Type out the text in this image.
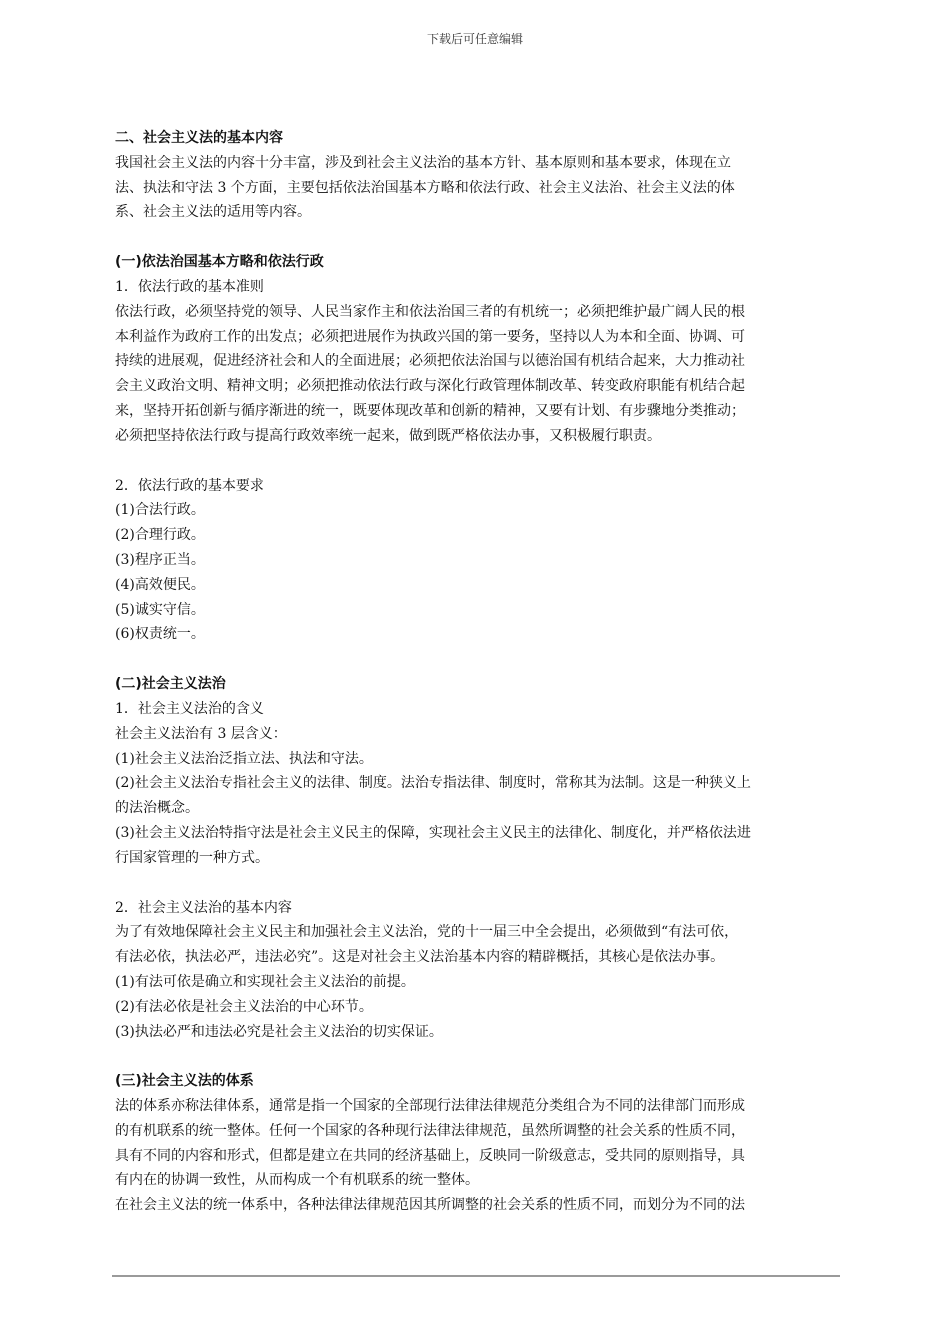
下载后可任意编辑
二、社会主义法的基本内容
我国社会主义法的内容十分丰富，涉及到社会主义法治的基本方针、基本原则和基本要求，体现在立
法、执法和守法 3 个方面，主要包括依法治国基本方略和依法行政、社会主义法治、社会主义法的体
系、社会主义法的适用等内容。
(一)依法治国基本方略和依法行政
1．依法行政的基本准则
依法行政，必须坚持党的领导、人民当家作主和依法治国三者的有机统一；必须把维护最广阔人民的根
本利益作为政府工作的出发点；必须把进展作为执政兴国的第一要务，坚持以人为本和全面、协调、可
持续的进展观，促进经济社会和人的全面进展；必须把依法治国与以德治国有机结合起来，大力推动社
会主义政治文明、精神文明；必须把推动依法行政与深化行政管理体制改革、转变政府职能有机结合起
来，坚持开拓创新与循序渐进的统一，既要体现改革和创新的精神，又要有计划、有步骤地分类推动；
必须把坚持依法行政与提高行政效率统一起来，做到既严格依法办事，又积极履行职责。
2．依法行政的基本要求
(1)合法行政。
(2)合理行政。
(3)程序正当。
(4)高效便民。
(5)诚实守信。
(6)权责统一。
(二)社会主义法治
1．社会主义法治的含义
社会主义法治有 3 层含义：
(1)社会主义法治泛指立法、执法和守法。
(2)社会主义法治专指社会主义的法律、制度。法治专指法律、制度时，常称其为法制。这是一种狭义上
的法治概念。
(3)社会主义法治特指守法是社会主义民主的保障，实现社会主义民主的法律化、制度化，并严格依法进
行国家管理的一种方式。
2．社会主义法治的基本内容
为了有效地保障社会主义民主和加强社会主义法治，党的十一届三中全会提出，必须做到“有法可依，
有法必依，执法必严，违法必究”。这是对社会主义法治基本内容的精辟概括，其核心是依法办事。
(1)有法可依是确立和实现社会主义法治的前提。
(2)有法必依是社会主义法治的中心环节。
(3)执法必严和违法必究是社会主义法治的切实保证。
(三)社会主义法的体系
法的体系亦称法律体系，通常是指一个国家的全部现行法律法律规范分类组合为不同的法律部门而形成
的有机联系的统一整体。任何一个国家的各种现行法律法律规范，虽然所调整的社会关系的性质不同，
具有不同的内容和形式，但都是建立在共同的经济基础上，反映同一阶级意志，受共同的原则指导，具
有内在的协调一致性，从而构成一个有机联系的统一整体。
在社会主义法的统一体系中，各种法律法律规范因其所调整的社会关系的性质不同，而划分为不同的法
